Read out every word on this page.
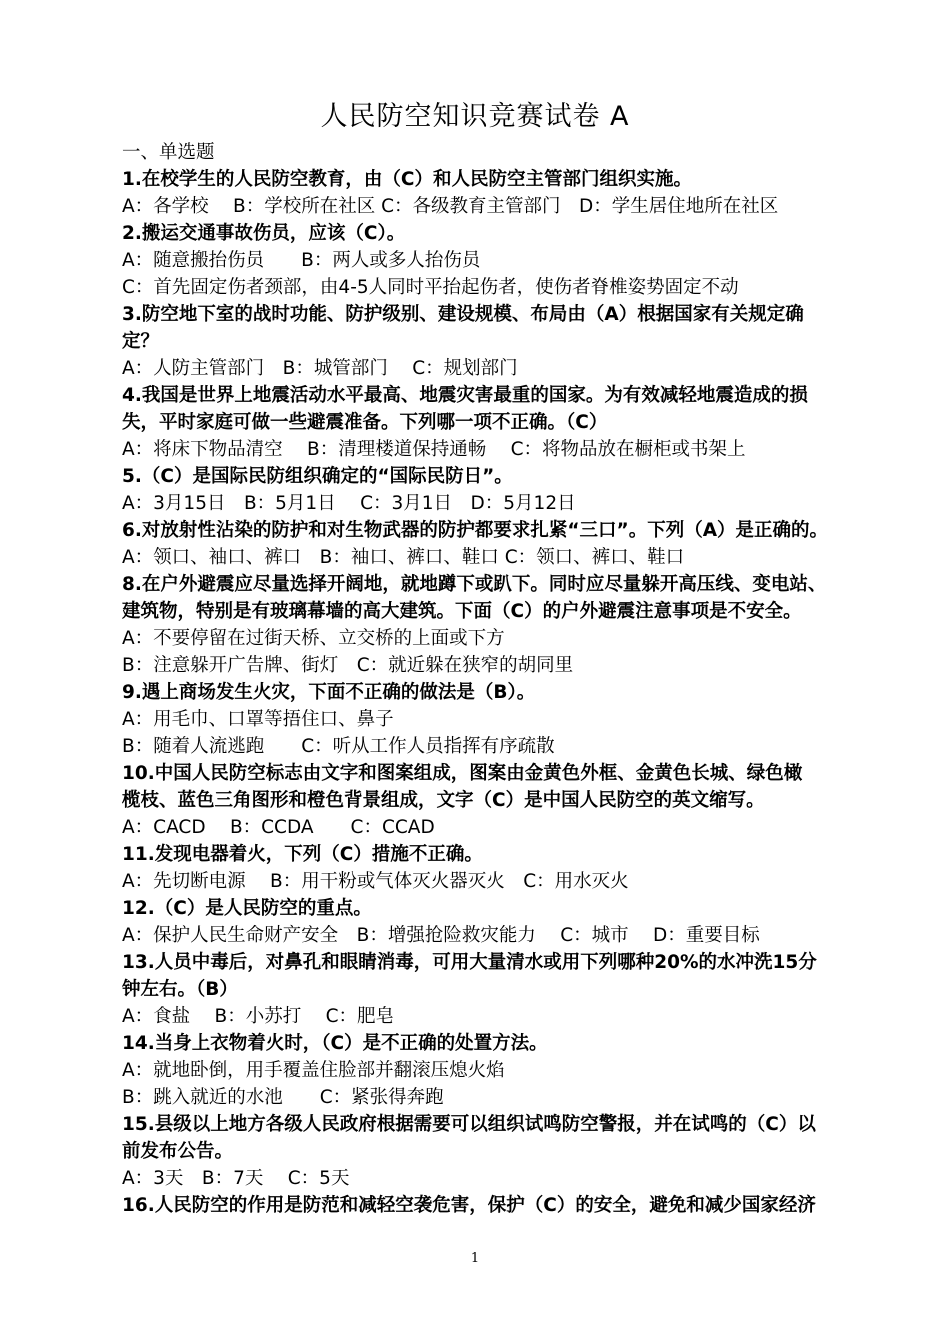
人民防空知识竞赛试卷 A
一、单选题
1.在校学生的人民防空教育，由（C）和人民防空主管部门组织实施。
A：各学校　 B：学校所在社区 C：各级教育主管部门　D：学生居住地所在社区
2.搬运交通事故伤员，应该（C）。
A：随意搬抬伤员　　B：两人或多人抬伤员
C：首先固定伤者颈部，由4-5人同时平抬起伤者，使伤者脊椎姿势固定不动
3.防空地下室的战时功能、防护级别、建设规模、布局由（A）根据国家有关规定确
定？
A：人防主管部门　B：城管部门　 C：规划部门
4.我国是世界上地震活动水平最高、地震灾害最重的国家。为有效减轻地震造成的损
失，平时家庭可做一些避震准备。下列哪一项不正确。（C）
A：将床下物品清空　 B：清理楼道保持通畅　 C：将物品放在橱柜或书架上
5.（C）是国际民防组织确定的“国际民防日”。
A：3月15日　B：5月1日　 C：3月1日　D：5月12日
6.对放射性沾染的防护和对生物武器的防护都要求扎紧“三口”。下列（A）是正确的。
A：领口、袖口、裤口　B：袖口、裤口、鞋口 C：领口、裤口、鞋口
8.在户外避震应尽量选择开阔地，就地蹲下或趴下。同时应尽量躲开高压线、变电站、
建筑物，特别是有玻璃幕墙的高大建筑。下面（C）的户外避震注意事项是不安全。
A：不要停留在过街天桥、立交桥的上面或下方
B：注意躲开广告牌、街灯　C：就近躲在狭窄的胡同里
9.遇上商场发生火灾，下面不正确的做法是（B）。
A：用毛巾、口罩等捂住口、鼻子
B：随着人流逃跑　　C：听从工作人员指挥有序疏散
10.中国人民防空标志由文字和图案组成，图案由金黄色外框、金黄色长城、绿色橄
榄枝、蓝色三角图形和橙色背景组成，文字（C）是中国人民防空的英文缩写。
A：CACD　 B：CCDA　　C：CCAD
11.发现电器着火，下列（C）措施不正确。
A：先切断电源　 B：用干粉或气体灭火器灭火　C：用水灭火
12.（C）是人民防空的重点。
A：保护人民生命财产安全　B：增强抢险救灾能力　 C：城市　 D：重要目标
13.人员中毒后，对鼻孔和眼睛消毒，可用大量清水或用下列哪种20%的水冲洗15分
钟左右。（B）
A：食盐　 B：小苏打　 C：肥皂
14.当身上衣物着火时，（C）是不正确的处置方法。
A：就地卧倒，用手覆盖住脸部并翻滚压熄火焰
B：跳入就近的水池　　C：紧张得奔跑
15.县级以上地方各级人民政府根据需要可以组织试鸣防空警报，并在试鸣的（C）以
前发布公告。
A：3天　B：7天　 C：5天
16.人民防空的作用是防范和减轻空袭危害，保护（C）的安全，避免和减少国家经济
1
